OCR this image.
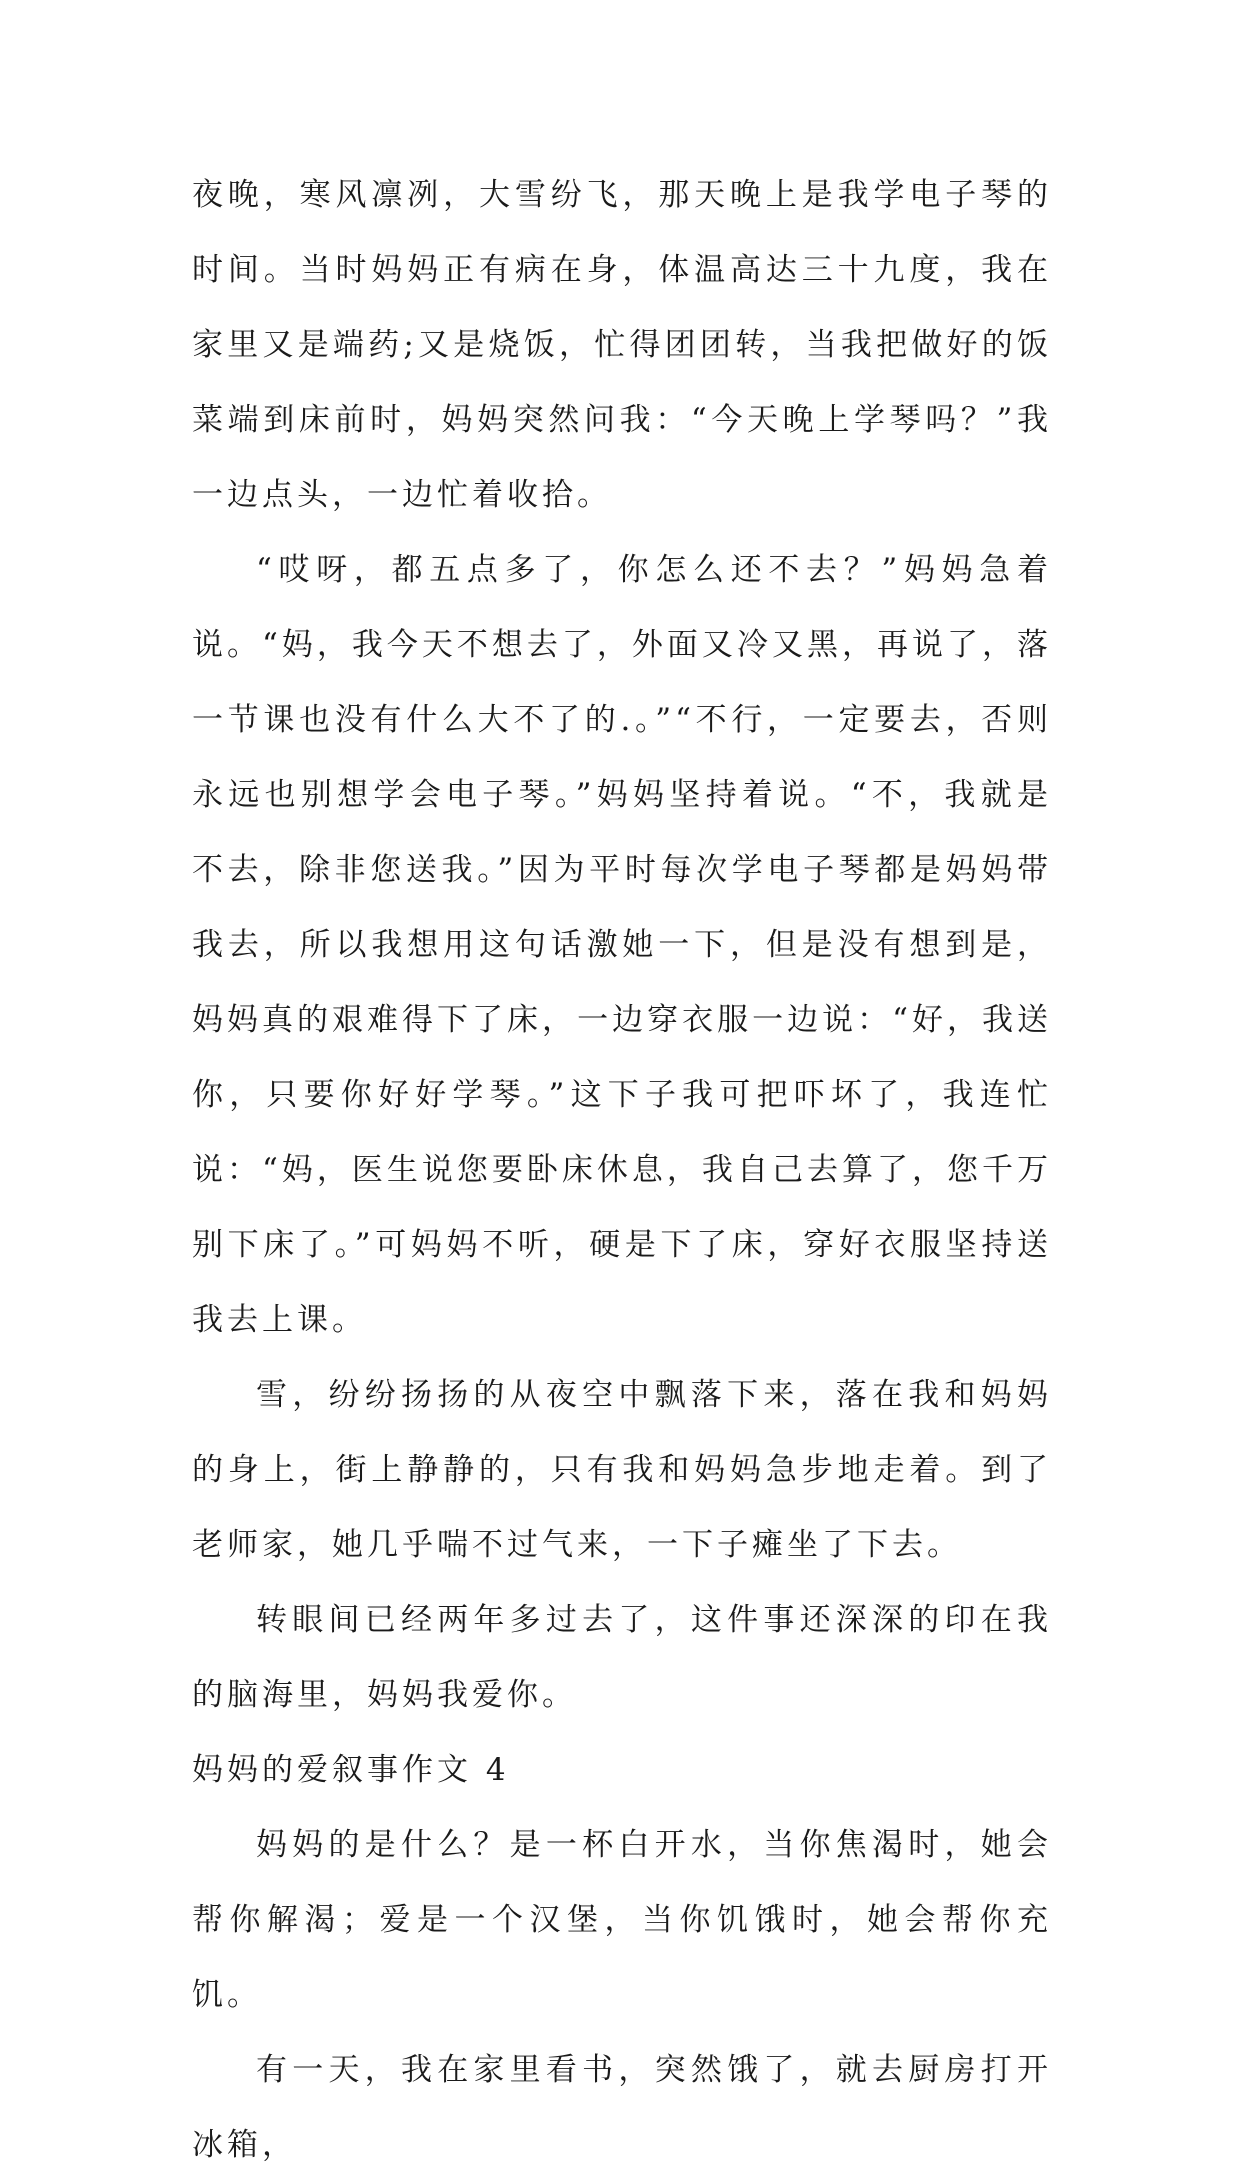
夜晚，寒风凛冽，大雪纷飞，那天晚上是我学电子琴的时间。当时妈妈正有病在身，体温高达三十九度，我在家里又是端药;又是烧饭，忙得团团转，当我把做好的饭菜端到床前时，妈妈突然问我：“今天晚上学琴吗？”我一边点头，一边忙着收拾。

“哎呀，都五点多了，你怎么还不去？”妈妈急着说。“妈，我今天不想去了，外面又冷又黑，再说了，落一节课也没有什么大不了的.。”“不行，一定要去，否则永远也别想学会电子琴。”妈妈坚持着说。“不，我就是不去，除非您送我。”因为平时每次学电子琴都是妈妈带我去，所以我想用这句话激她一下，但是没有想到是，妈妈真的艰难得下了床，一边穿衣服一边说：“好，我送你，只要你好好学琴。”这下子我可把吓坏了，我连忙说：“妈，医生说您要卧床休息，我自己去算了，您千万别下床了。”可妈妈不听，硬是下了床，穿好衣服坚持送我去上课。

雪，纷纷扬扬的从夜空中飘落下来，落在我和妈妈的身上，街上静静的，只有我和妈妈急步地走着。到了老师家，她几乎喘不过气来，一下子瘫坐了下去。

转眼间已经两年多过去了，这件事还深深的印在我的脑海里，妈妈我爱你。

妈妈的爱叙事作文 4

妈妈的是什么？是一杯白开水，当你焦渴时，她会帮你解渴；爱是一个汉堡，当你饥饿时，她会帮你充饥。

有一天，我在家里看书，突然饿了，就去厨房打开冰箱，
